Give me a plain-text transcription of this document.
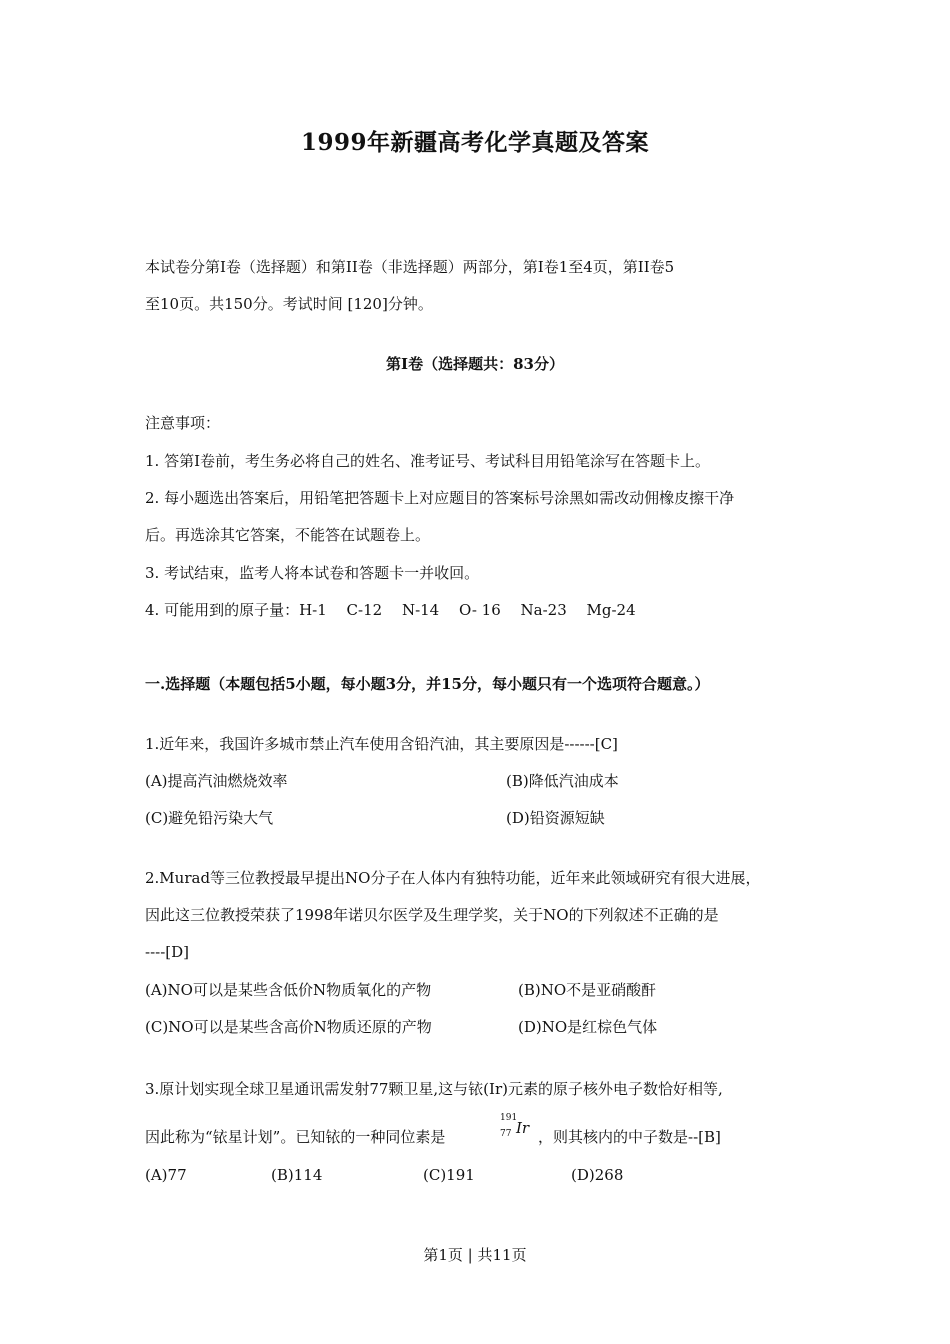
1999年新疆高考化学真题及答案
本试卷分第Ⅰ卷（选择题）和第II卷（非选择题）两部分，第Ⅰ卷1至4页，第II卷5
至10页。共150分。考试时间 [120]分钟。
第Ⅰ卷（选择题共：83分）
注意事项：
1. 答第Ⅰ卷前，考生务必将自己的姓名、准考证号、考试科目用铅笔涂写在答题卡上。
2. 每小题选出答案后，用铅笔把答题卡上对应题目的答案标号涂黑如需改动佣橡皮擦干净
后。再选涂其它答案，不能答在试题卷上。
3. 考试结束，监考人将本试卷和答题卡一并收回。
4. 可能用到的原子量：H-1　 C-12　 N-14　 O- 16　 Na-23　 Mg-24
一.选择题（本题包括5小题，每小题3分，并15分，每小题只有一个选项符合题意。）
1.近年来，我国许多城市禁止汽车使用含铅汽油，其主要原因是------[C]
(A)提高汽油燃烧效率	(B)降低汽油成本
(C)避免铅污染大气	(D)铅资源短缺
2.Murad等三位教授最早提出NO分子在人体内有独特功能，近年来此领域研究有很大进展，
因此这三位教授荣获了1998年诺贝尔医学及生理学奖，关于NO的下列叙述不正确的是
----[D]
(A)NO可以是某些含低价N物质氧化的产物	(B)NO不是亚硝酸酐
(C)NO可以是某些含高价N物质还原的产物	(D)NO是红棕色气体
3.原计划实现全球卫星通讯需发射77颗卫星,这与铱(Ir)元素的原子核外电子数恰好相等,
因此称为“铱星计划”。已知铱的一种同位素是
191
77 Ir ，则其核内的中子数是--[B]
(A)77	(B)114	(C)191	(D)268
第1页 | 共11页
